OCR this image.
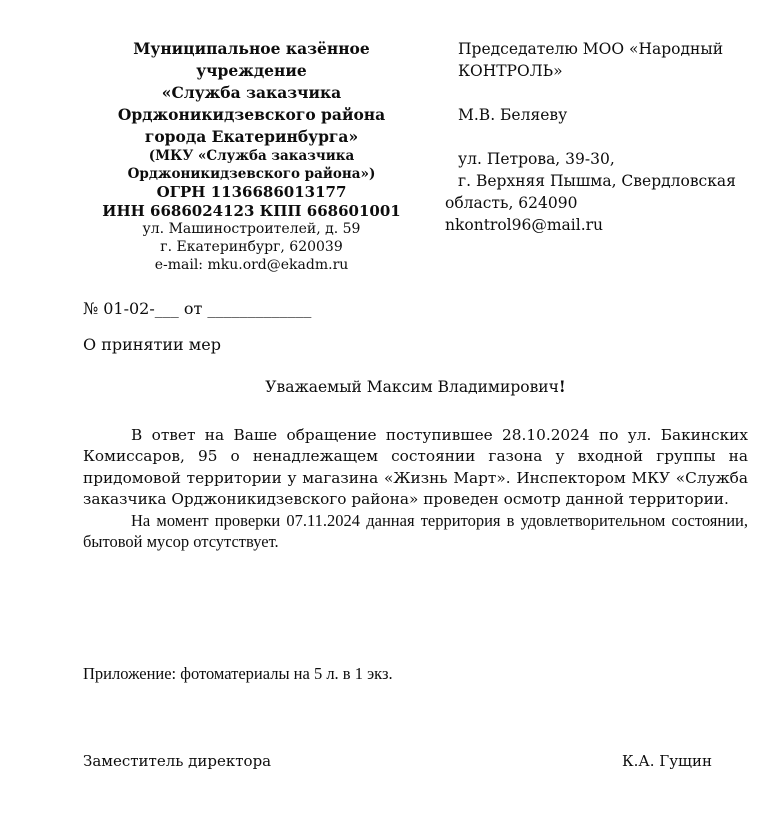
Муниципальное казённое
учреждение
«Служба заказчика
Орджоникидзевского района
города Екатеринбурга»
(МКУ «Служба заказчика
Орджоникидзевского района»)
ОГРН 1136686013177
ИНН 6686024123 КПП 668601001
ул. Машиностроителей, д. 59
г. Екатеринбург, 620039
e-mail: mku.ord@ekadm.ru
Председателю МОО «Народный
КОНТРОЛЬ»
М.В. Беляеву
ул. Петрова, 39-30,
г. Верхняя Пышма, Свердловская
область, 624090
nkontrol96@mail.ru
№ 01-02-___ от _____________
О принятии мер
Уважаемый Максим Владимирович!

В ответ на Ваше обращение поступившее 28.10.2024 по ул. Бакинских Комиссаров, 95 о ненадлежащем состоянии газона у входной группы на придомовой территории у магазина «Жизнь Март». Инспектором МКУ «Служба заказчика Орджоникидзевского района» проведен осмотр данной территории.

На момент проверки 07.11.2024 данная территория в удовлетворительном состоянии, бытовой мусор отсутствует.

Приложение: фотоматериалы на 5 л. в 1 экз.
Заместитель директора	К.А. Гущин
